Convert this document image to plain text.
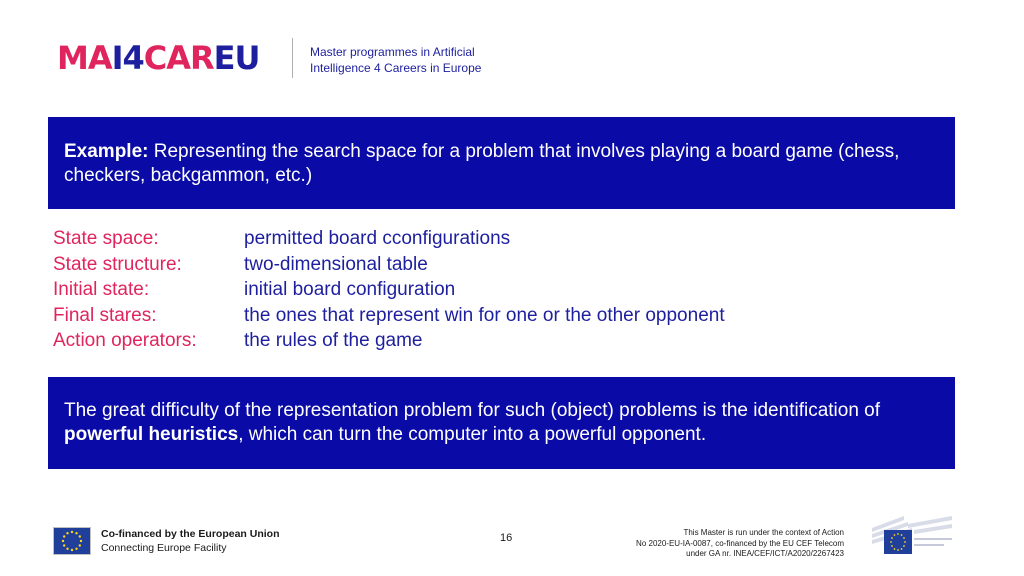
MAI4CAREU	Master programmes in Artificial
Intelligence 4 Careers in Europe

Example: Representing the search space for a problem that involves playing a board game (chess, checkers, backgammon, etc.)

State space:	permitted board cconfigurations
State structure:	two-dimensional table
Initial state:	initial board configuration
Final stares:	the ones that represent win for one or the other opponent
Action operators:	the rules of the game

The great difficulty of the representation problem for such (object) problems is the identification of powerful heuristics, which can turn the computer into a powerful opponent.

Co-financed by the European Union
Connecting Europe Facility
16	This Master is run under the context of Action
No 2020-EU-IA-0087, co-financed by the EU CEF Telecom
under GA nr. INEA/CEF/ICT/A2020/2267423
